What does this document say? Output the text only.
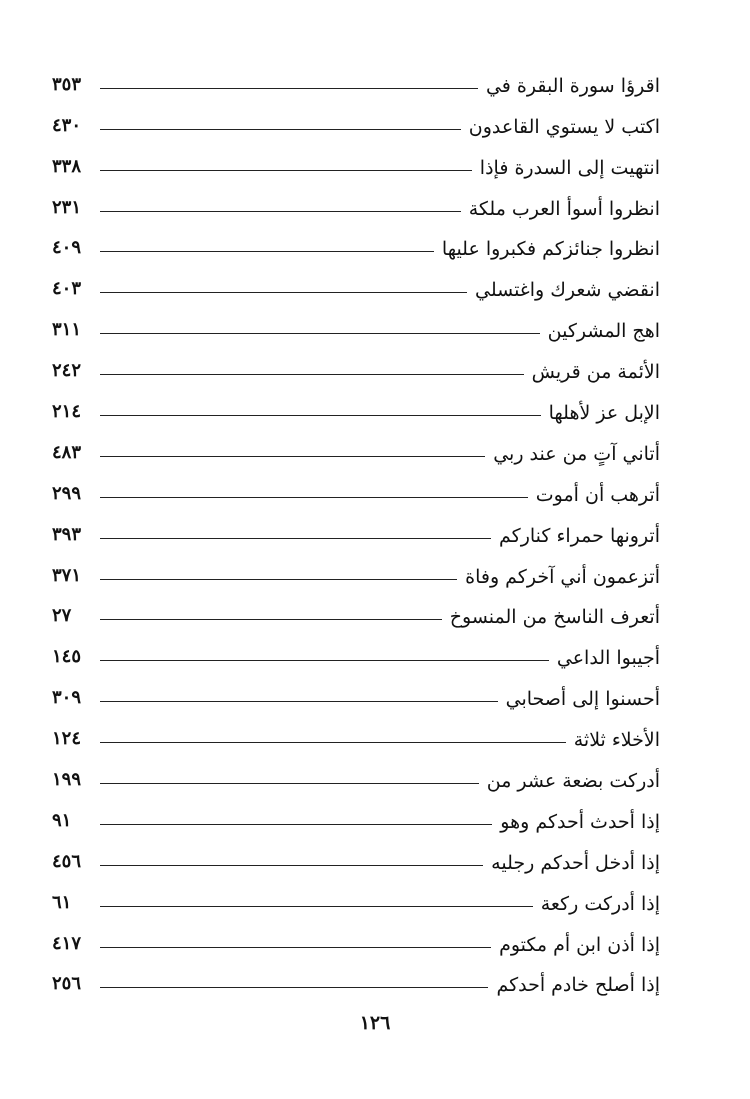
٣٥٣	اقرؤا سورة البقرة في
٤٣٠	اكتب لا يستوي القاعدون
٣٣٨	انتهيت إلى السدرة فإذا
٢٣١	انظروا أسوأ العرب ملكة
٤٠٩	انظروا جنائزكم فكبروا عليها
٤٠٣	انقضي شعرك واغتسلي
٣١١	اهج المشركين
٢٤٢	الأئمة من قريش
٢١٤	الإبل عز لأهلها
٤٨٣	أتاني آتٍ من عند ربي
٢٩٩	أترهب أن أموت
٣٩٣	أترونها حمراء كناركم
٣٧١	أتزعمون أني آخركم وفاة
٢٧	أتعرف الناسخ من المنسوخ
١٤٥	أجيبوا الداعي
٣٠٩	أحسنوا إلى أصحابي
١٢٤	الأخلاء ثلاثة
١٩٩	أدركت بضعة عشر من
٩١	إذا أحدث أحدكم وهو
٤٥٦	إذا أدخل أحدكم رجليه
٦١	إذا أدركت ركعة
٤١٧	إذا أذن ابن أم مكتوم
٢٥٦	إذا أصلح خادم أحدكم
١٢٦
